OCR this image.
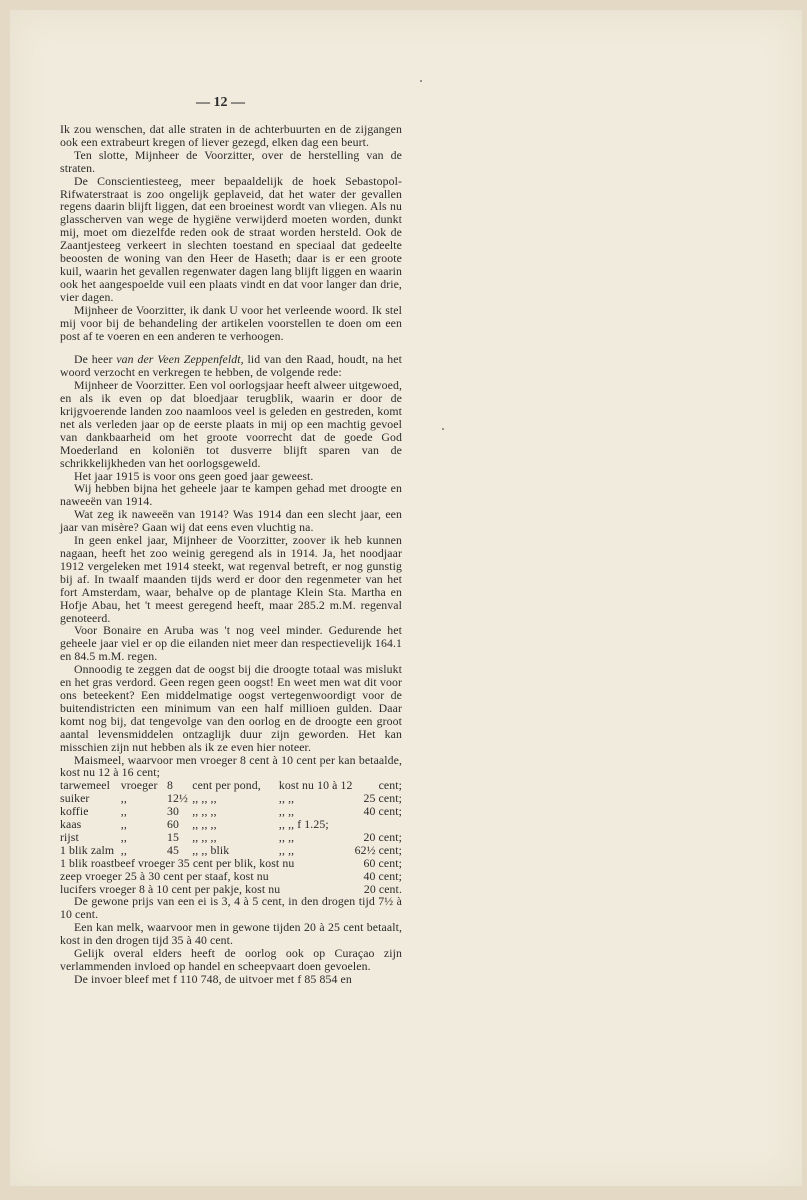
— 12 —

Ik zou wenschen, dat alle straten in de achterbuurten en de zijgangen ook een extrabeurt kregen of liever gezegd, elken dag een beurt.

Ten slotte, Mijnheer de Voorzitter, over de herstelling van de straten.

De Conscientiesteeg, meer bepaaldelijk de hoek Sebastopol-Rifwaterstraat is zoo ongelijk geplaveid, dat het water der gevallen regens daarin blijft liggen, dat een broeinest wordt van vliegen. Als nu glasscherven van wege de hygiëne verwijderd moeten worden, dunkt mij, moet om diezelfde reden ook de straat worden hersteld. Ook de Zaantjesteeg verkeert in slechten toestand en speciaal dat gedeelte beoosten de woning van den Heer de Haseth; daar is er een groote kuil, waarin het gevallen regenwater dagen lang blijft liggen en waarin ook het aangespoelde vuil een plaats vindt en dat voor langer dan drie, vier dagen.

Mijnheer de Voorzitter, ik dank U voor het verleende woord. Ik stel mij voor bij de behandeling der artikelen voorstellen te doen om een post af te voeren en een anderen te verhoogen.

De heer van der Veen Zeppenfeldt, lid van den Raad, houdt, na het woord verzocht en verkregen te hebben, de volgende rede:

Mijnheer de Voorzitter. Een vol oorlogsjaar heeft alweer uitgewoed, en als ik even op dat bloedjaar terugblik, waarin er door de krijgvoerende landen zoo naamloos veel is geleden en gestreden, komt net als verleden jaar op de eerste plaats in mij op een machtig gevoel van dankbaarheid om het groote voorrecht dat de goede God Moederland en koloniën tot dusverre blijft sparen van de schrikkelijkheden van het oorlogsgeweld.

Het jaar 1915 is voor ons geen goed jaar geweest.

Wij hebben bijna het geheele jaar te kampen gehad met droogte en naweeën van 1914.

Wat zeg ik naweeën van 1914? Was 1914 dan een slecht jaar, een jaar van misère? Gaan wij dat eens even vluchtig na.

In geen enkel jaar, Mijnheer de Voorzitter, zoover ik heb kunnen nagaan, heeft het zoo weinig geregend als in 1914. Ja, het noodjaar 1912 vergeleken met 1914 steekt, wat regenval betreft, er nog gunstig bij af. In twaalf maanden tijds werd er door den regenmeter van het fort Amsterdam, waar, behalve op de plantage Klein Sta. Martha en Hofje Abau, het 't meest geregend heeft, maar 285.2 m.M. regenval genoteerd.

Voor Bonaire en Aruba was 't nog veel minder. Gedurende het geheele jaar viel er op die eilanden niet meer dan respectievelijk 164.1 en 84.5 m.M. regen.

Onnoodig te zeggen dat de oogst bij die droogte totaal was mislukt en het gras verdord. Geen regen geen oogst! En weet men wat dit voor ons beteekent? Een middelmatige oogst vertegenwoordigt voor de buitendistricten een minimum van een half millioen gulden. Daar komt nog bij, dat tengevolge van den oorlog en de droogte een groot aantal levensmiddelen ontzaglijk duur zijn geworden. Het kan misschien zijn nut hebben als ik ze even hier noteer.

Maismeel, waarvoor men vroeger 8 cent à 10 cent per kan betaalde, kost nu 12 à 16 cent;

tarwemeel	vroeger	8	cent per pond,	kost nu 10 à 12	cent;
suiker	,,	12½	,, ,, ,,	,, ,,	25 cent;
koffie	,,	30	,, ,, ,,	,, ,,	40 cent;
kaas	,,	60	,, ,, ,,	,, ,, f 1.25;	
rijst	,,	15	,, ,, ,,	,, ,,	20 cent;
1 blik zalm	,,	45	,, ,, blik	,, ,,	62½ cent;
1 blik roastbeef vroeger 35 cent per blik, kost nu	60 cent;
zeep vroeger 25 à 30 cent per staaf, kost nu	40 cent;
lucifers vroeger 8 à 10 cent per pakje, kost nu	20 cent.

De gewone prijs van een ei is 3, 4 à 5 cent, in den drogen tijd 7½ à 10 cent.

Een kan melk, waarvoor men in gewone tijden 20 à 25 cent betaalt, kost in den drogen tijd 35 à 40 cent.

Gelijk overal elders heeft de oorlog ook op Curaçao zijn verlammenden invloed op handel en scheepvaart doen gevoelen.

De invoer bleef met f 110 748, de uitvoer met f 85 854 en
